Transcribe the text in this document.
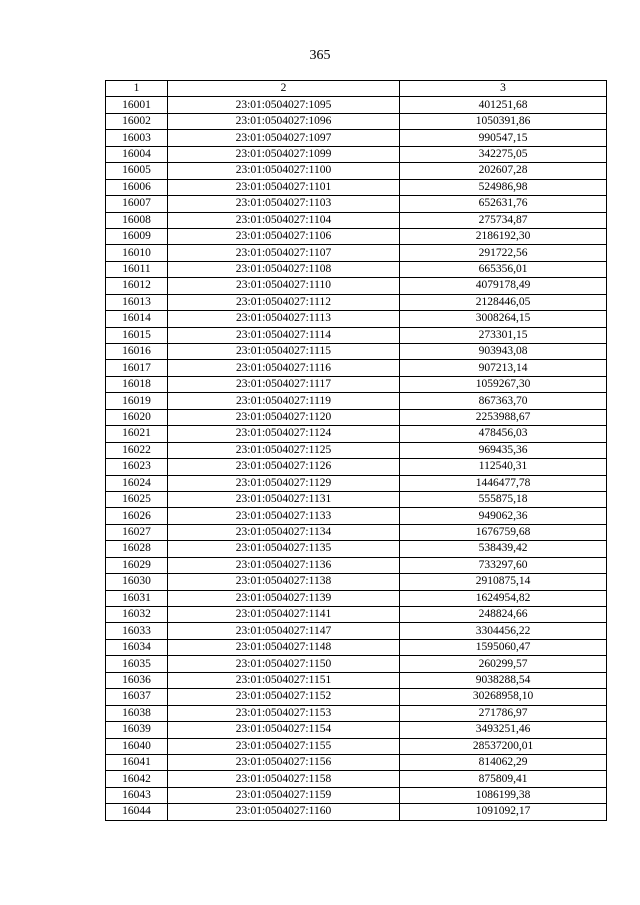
365
1	2	3
16001	23:01:0504027:1095	401251,68
16002	23:01:0504027:1096	1050391,86
16003	23:01:0504027:1097	990547,15
16004	23:01:0504027:1099	342275,05
16005	23:01:0504027:1100	202607,28
16006	23:01:0504027:1101	524986,98
16007	23:01:0504027:1103	652631,76
16008	23:01:0504027:1104	275734,87
16009	23:01:0504027:1106	2186192,30
16010	23:01:0504027:1107	291722,56
16011	23:01:0504027:1108	665356,01
16012	23:01:0504027:1110	4079178,49
16013	23:01:0504027:1112	2128446,05
16014	23:01:0504027:1113	3008264,15
16015	23:01:0504027:1114	273301,15
16016	23:01:0504027:1115	903943,08
16017	23:01:0504027:1116	907213,14
16018	23:01:0504027:1117	1059267,30
16019	23:01:0504027:1119	867363,70
16020	23:01:0504027:1120	2253988,67
16021	23:01:0504027:1124	478456,03
16022	23:01:0504027:1125	969435,36
16023	23:01:0504027:1126	112540,31
16024	23:01:0504027:1129	1446477,78
16025	23:01:0504027:1131	555875,18
16026	23:01:0504027:1133	949062,36
16027	23:01:0504027:1134	1676759,68
16028	23:01:0504027:1135	538439,42
16029	23:01:0504027:1136	733297,60
16030	23:01:0504027:1138	2910875,14
16031	23:01:0504027:1139	1624954,82
16032	23:01:0504027:1141	248824,66
16033	23:01:0504027:1147	3304456,22
16034	23:01:0504027:1148	1595060,47
16035	23:01:0504027:1150	260299,57
16036	23:01:0504027:1151	9038288,54
16037	23:01:0504027:1152	30268958,10
16038	23:01:0504027:1153	271786,97
16039	23:01:0504027:1154	3493251,46
16040	23:01:0504027:1155	28537200,01
16041	23:01:0504027:1156	814062,29
16042	23:01:0504027:1158	875809,41
16043	23:01:0504027:1159	1086199,38
16044	23:01:0504027:1160	1091092,17
